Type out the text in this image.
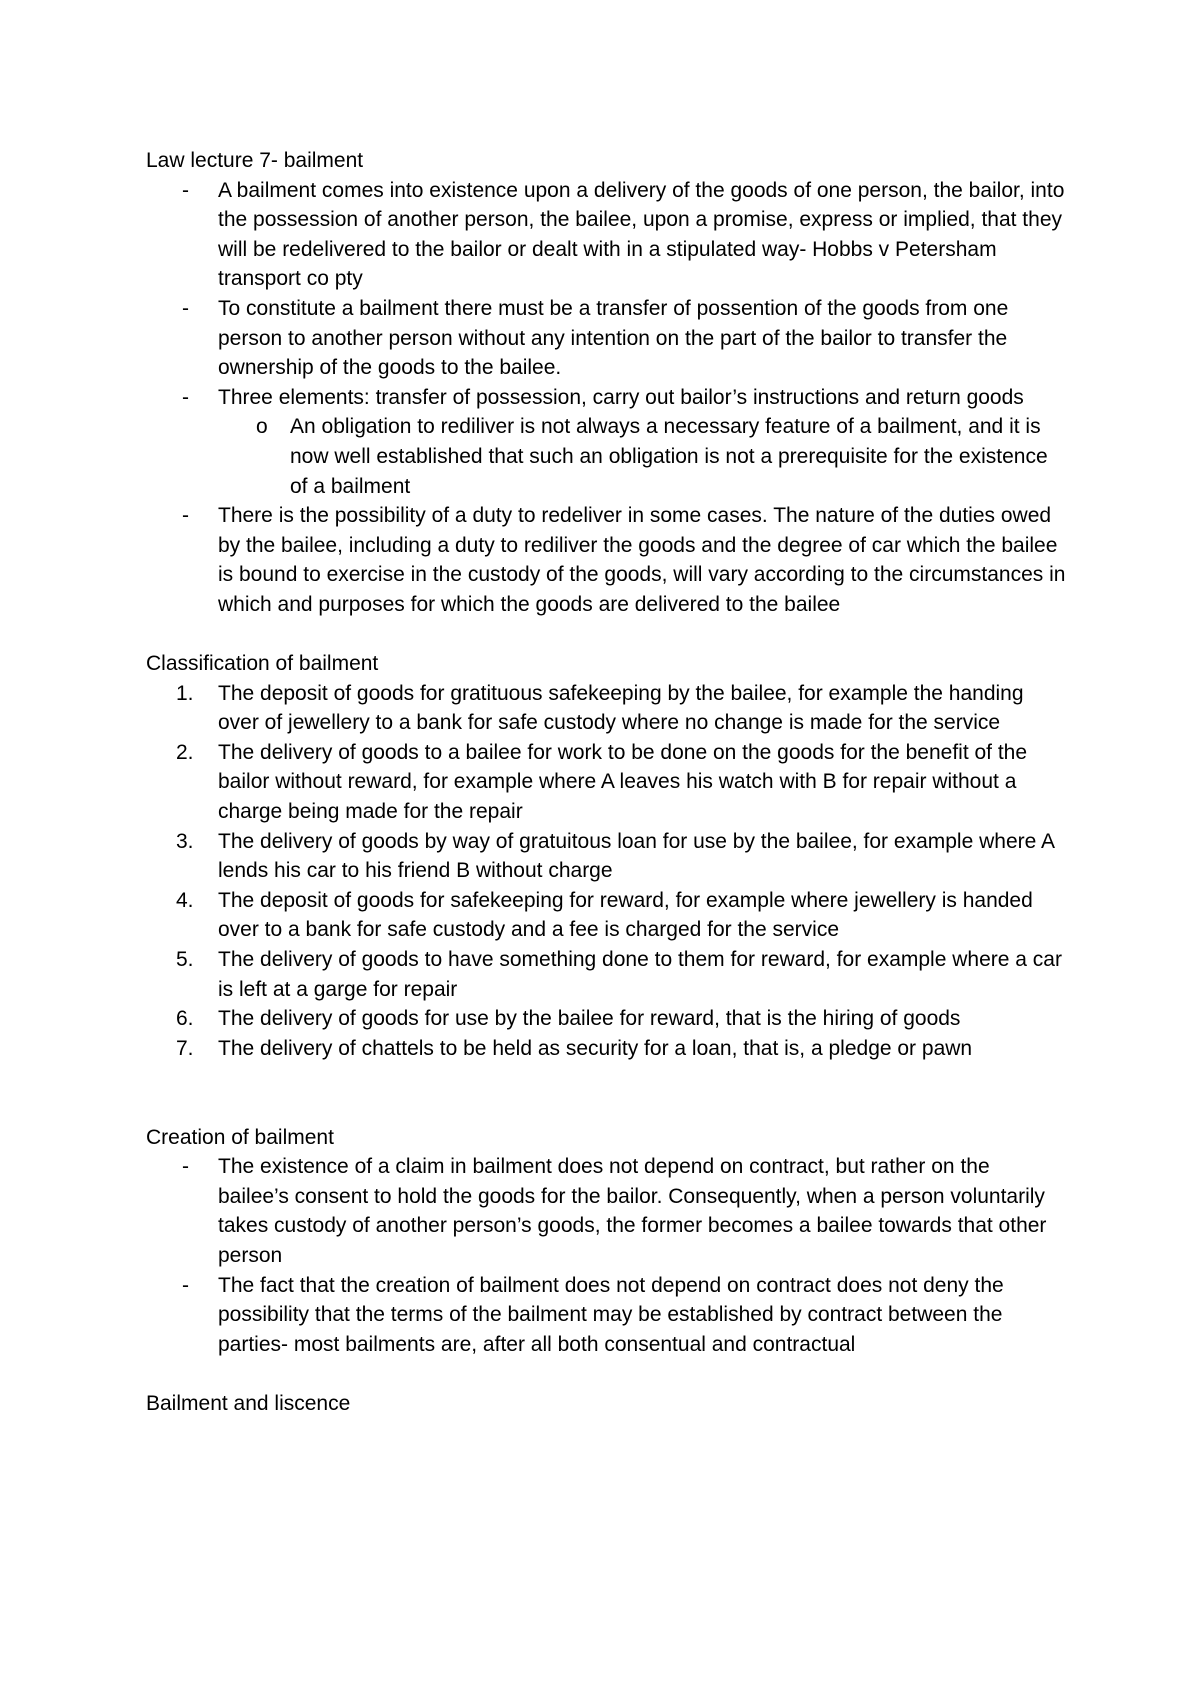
Law lecture 7- bailment

- A bailment comes into existence upon a delivery of the goods of one person, the bailor, into the possession of another person, the bailee, upon a promise, express or implied, that they will be redelivered to the bailor or dealt with in a stipulated way- Hobbs v Petersham transport co pty
- To constitute a bailment there must be a transfer of possention of the goods from one person to another person without any intention on the part of the bailor to transfer the ownership of the goods to the bailee.
- Three elements: transfer of possession, carry out bailor’s instructions and return goods
o An obligation to rediliver is not always a necessary feature of a bailment, and it is now well established that such an obligation is not a prerequisite for the existence of a bailment
- There is the possibility of a duty to redeliver in some cases. The nature of the duties owed by the bailee, including a duty to rediliver the goods and the degree of car which the bailee is bound to exercise in the custody of the goods, will vary according to the circumstances in which and purposes for which the goods are delivered to the bailee

Classification of bailment

1. The deposit of goods for gratituous safekeeping by the bailee, for example the handing over of jewellery to a bank for safe custody where no change is made for the service
2. The delivery of goods to a bailee for work to be done on the goods for the benefit of the bailor without reward, for example where A leaves his watch with B for repair without a charge being made for the repair
3. The delivery of goods by way of gratuitous loan for use by the bailee, for example where A lends his car to his friend B without charge
4. The deposit of goods for safekeeping for reward, for example where jewellery is handed over to a bank for safe custody and a fee is charged for the service
5. The delivery of goods to have something done to them for reward, for example where a car is left at a garge for repair
6. The delivery of goods for use by the bailee for reward, that is the hiring of goods
7. The delivery of chattels to be held as security for a loan, that is, a pledge or pawn

Creation of bailment

- The existence of a claim in bailment does not depend on contract, but rather on the bailee’s consent to hold the goods for the bailor. Consequently, when a person voluntarily takes custody of another person’s goods, the former becomes a bailee towards that other person
- The fact that the creation of bailment does not depend on contract does not deny the possibility that the terms of the bailment may be established by contract between the parties- most bailments are, after all both consentual and contractual

Bailment and liscence
